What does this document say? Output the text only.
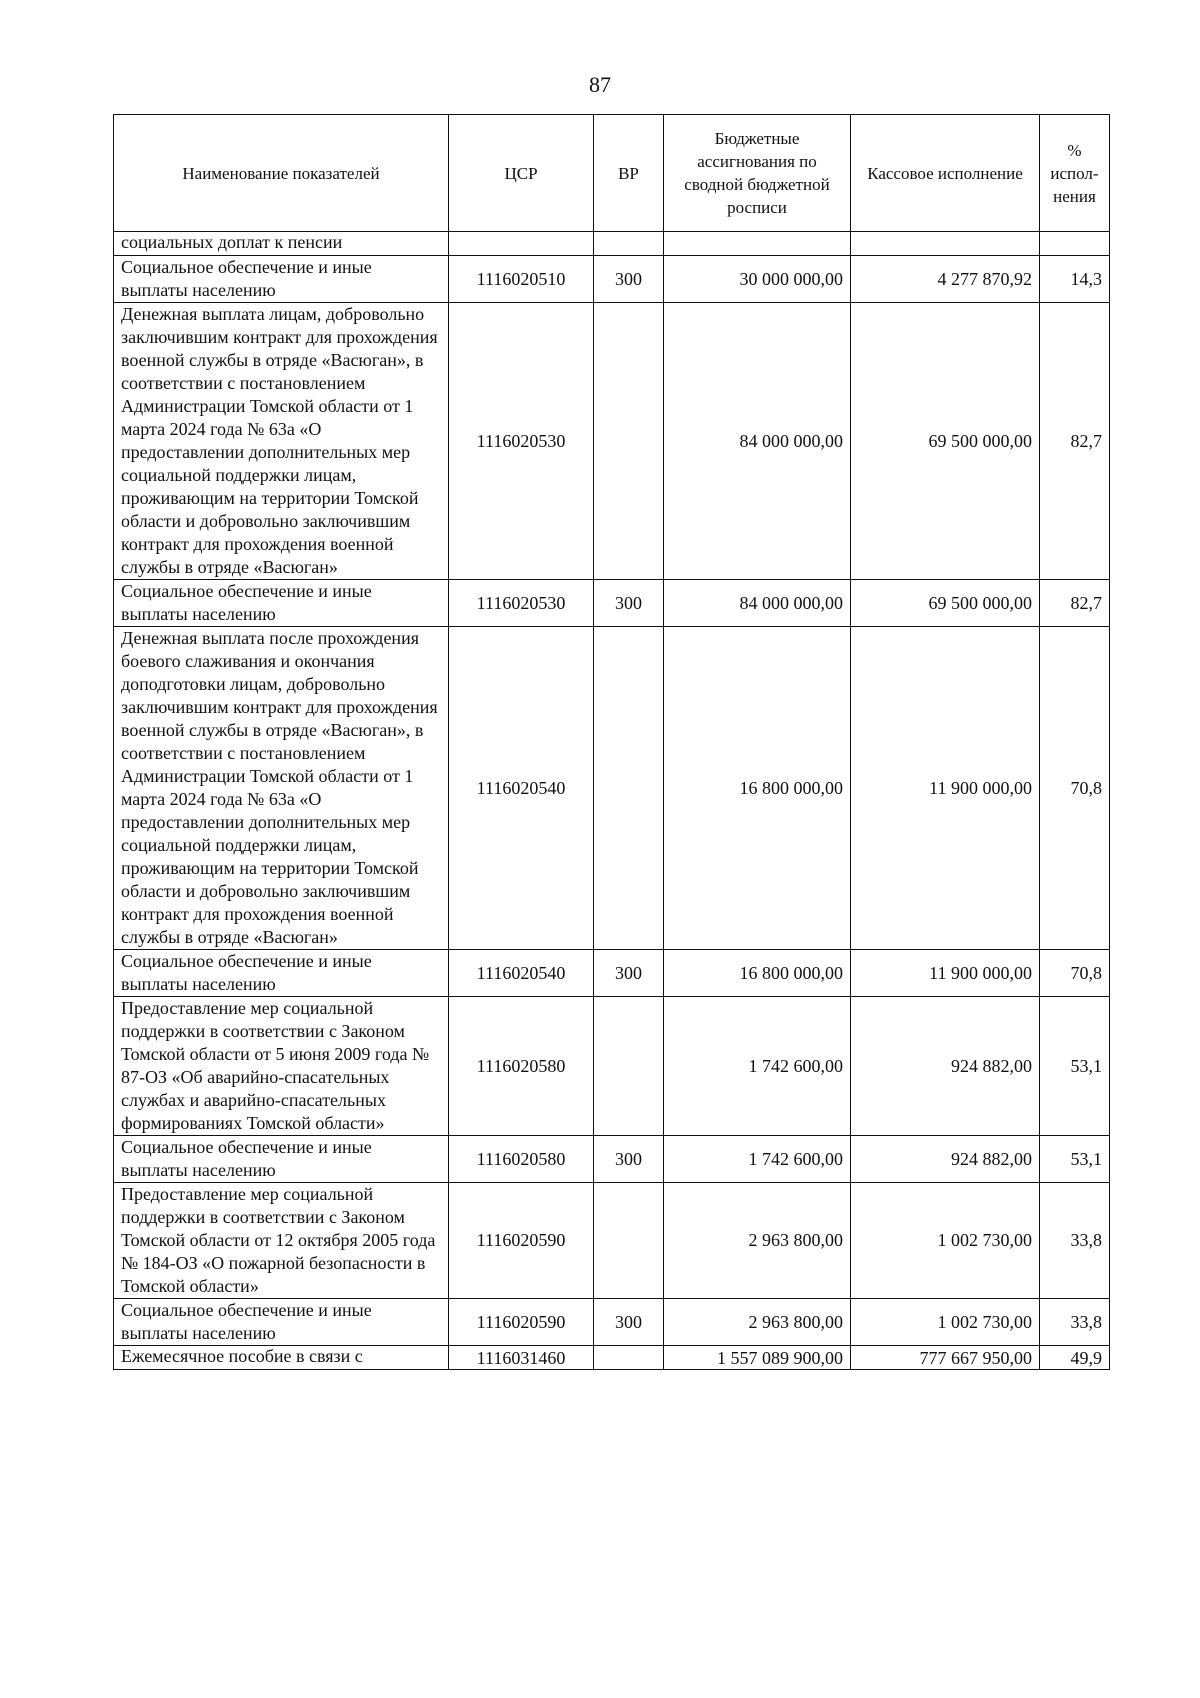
87
Наименование показателей	ЦСР	ВР	Бюджетные ассигнования по сводной бюджетной росписи	Кассовое исполнение	% испол-нения
социальных доплат к пенсии					
Социальное обеспечение и иные выплаты населению	1116020510	300	30 000 000,00	4 277 870,92	14,3
Денежная выплата лицам, добровольно заключившим контракт для прохождения военной службы в отряде «Васюган», в соответствии с постановлением Администрации Томской области от 1 марта 2024 года № 63а «О предоставлении дополнительных мер социальной поддержки лицам, проживающим на территории Томской области и добровольно заключившим контракт для прохождения военной службы в отряде «Васюган»	1116020530		84 000 000,00	69 500 000,00	82,7
Социальное обеспечение и иные выплаты населению	1116020530	300	84 000 000,00	69 500 000,00	82,7
Денежная выплата после прохождения боевого слаживания и окончания доподготовки лицам, добровольно заключившим контракт для прохождения военной службы в отряде «Васюган», в соответствии с постановлением Администрации Томской области от 1 марта 2024 года № 63а «О предоставлении дополнительных мер социальной поддержки лицам, проживающим на территории Томской области и добровольно заключившим контракт для прохождения военной службы в отряде «Васюган»	1116020540		16 800 000,00	11 900 000,00	70,8
Социальное обеспечение и иные выплаты населению	1116020540	300	16 800 000,00	11 900 000,00	70,8
Предоставление мер социальной поддержки в соответствии с Законом Томской области от 5 июня 2009 года № 87-ОЗ «Об аварийно-спасательных службах и аварийно-спасательных формированиях Томской области»	1116020580		1 742 600,00	924 882,00	53,1
Социальное обеспечение и иные выплаты населению	1116020580	300	1 742 600,00	924 882,00	53,1
Предоставление мер социальной поддержки в соответствии с Законом Томской области от 12 октября 2005 года № 184-ОЗ «О пожарной безопасности в Томской области»	1116020590		2 963 800,00	1 002 730,00	33,8
Социальное обеспечение и иные выплаты населению	1116020590	300	2 963 800,00	1 002 730,00	33,8
Ежемесячное пособие в связи с	1116031460		1 557 089 900,00	777 667 950,00	49,9
